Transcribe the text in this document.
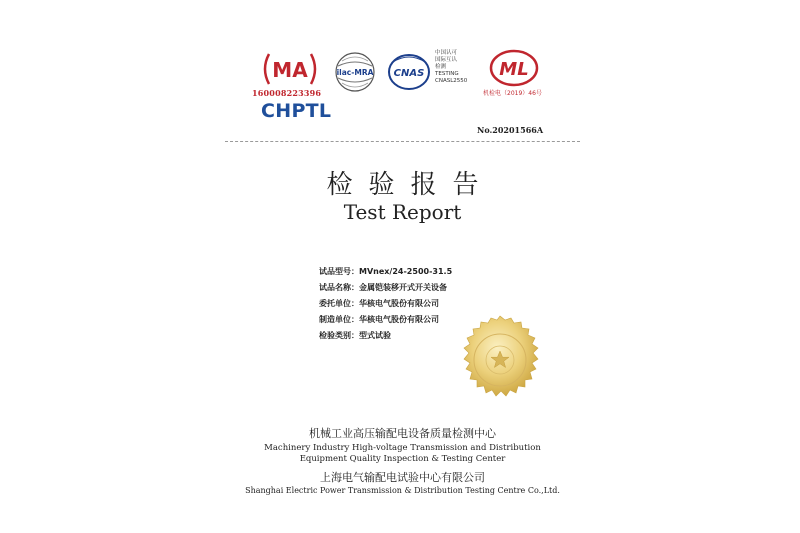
MA
160008223396
ilac-MRA CNAS
中国认可
国际互认
检测
TESTING
CNASL2550
ML
机检电（2019）46号
CHPTL
No.20201566A
检验报告
Test Report
试品型号：MVnex/24-2500-31.5
试品名称：金属铠装移开式开关设备
委托单位：华核电气股份有限公司
制造单位：华核电气股份有限公司
检验类别：型式试验
机械工业高压输配电设备质量检测中心
Machinery Industry High-voltage Transmission and Distribution
Equipment Quality Inspection & Testing Center
上海电气输配电试验中心有限公司
Shanghai Electric Power Transmission & Distribution Testing Centre Co.,Ltd.
